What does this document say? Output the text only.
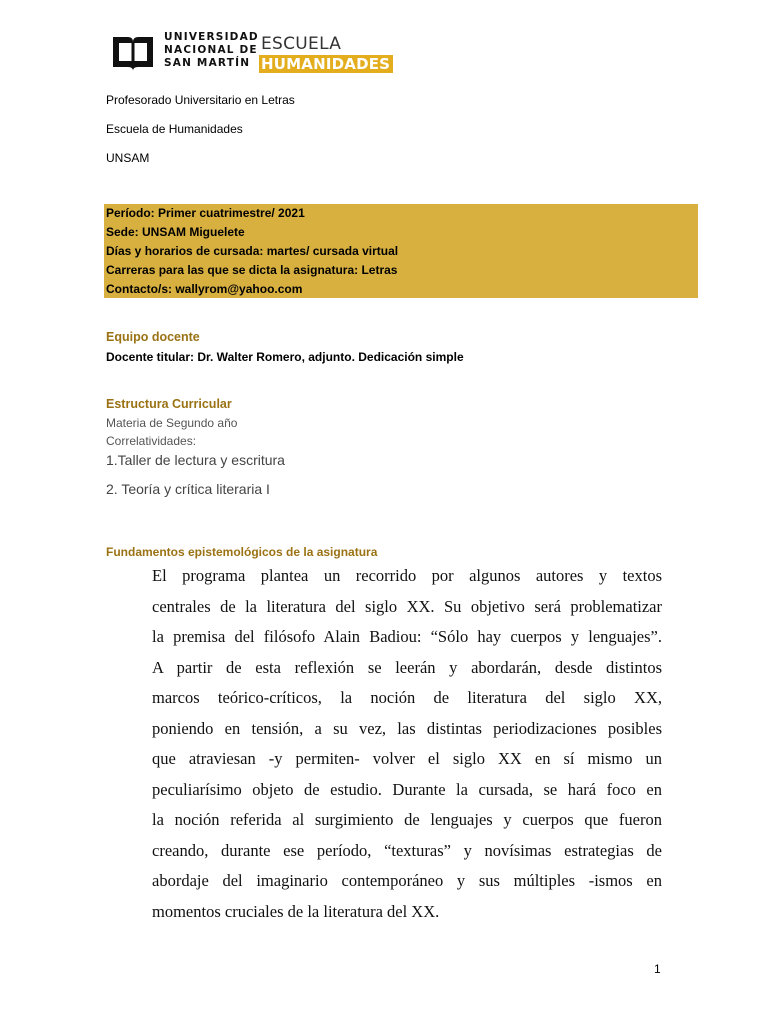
UNIVERSIDAD
NACIONAL DE
SAN MARTÍN
ESCUELA
HUMANIDADES
Profesorado Universitario en Letras
Escuela de Humanidades
UNSAM
Período: Primer cuatrimestre/ 2021
Sede: UNSAM Miguelete
Días y horarios de cursada: martes/ cursada virtual
Carreras para las que se dicta la asignatura: Letras
Contacto/s: wallyrom@yahoo.com
Equipo docente
Docente titular: Dr. Walter Romero, adjunto. Dedicación simple
Estructura Curricular
Materia de Segundo año
Correlatividades:
1.Taller de lectura y escritura
2. Teoría y crítica literaria I
Fundamentos epistemológicos de la asignatura
El programa plantea un recorrido por algunos autores y textos
centrales de la literatura del siglo XX. Su objetivo será problematizar
la premisa del filósofo Alain Badiou: “Sólo hay cuerpos y lenguajes”.
A partir de esta reflexión se leerán y abordarán, desde distintos
marcos teórico-críticos, la noción de literatura del siglo XX,
poniendo en tensión, a su vez, las distintas periodizaciones posibles
que atraviesan -y permiten- volver el siglo XX en sí mismo un
peculiarísimo objeto de estudio. Durante la cursada, se hará foco en
la noción referida al surgimiento de lenguajes y cuerpos que fueron
creando, durante ese período, “texturas” y novísimas estrategias de
abordaje del imaginario contemporáneo y sus múltiples -ismos en
momentos cruciales de la literatura del XX.
1
